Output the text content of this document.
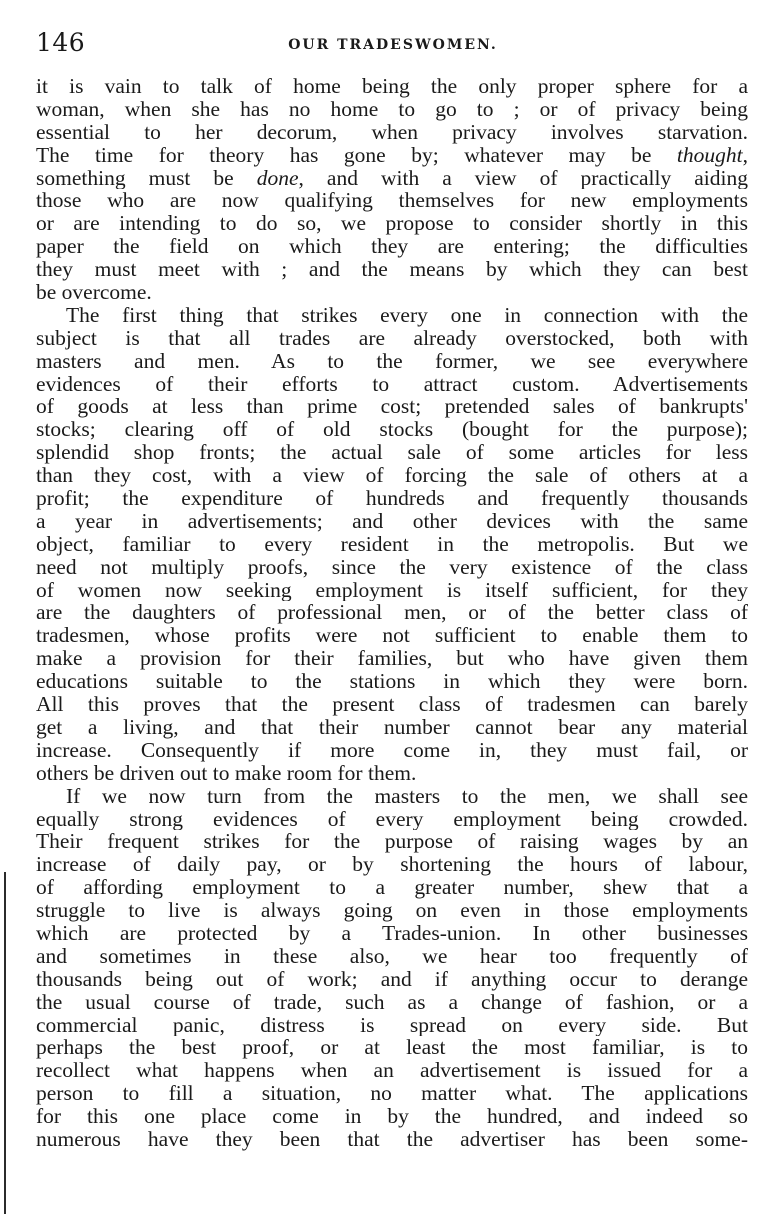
146	OUR TRADESWOMEN.
it is vain to talk of home being the only proper sphere for a
woman, when she has no home to go to ; or of privacy being
essential to her decorum, when privacy involves starvation.
The time for theory has gone by; whatever may be thought,
something must be done, and with a view of practically aiding
those who are now qualifying themselves for new employments
or are intending to do so, we propose to consider shortly in this
paper the field on which they are entering; the difficulties
they must meet with ; and the means by which they can best
be overcome.
The first thing that strikes every one in connection with the
subject is that all trades are already overstocked, both with
masters and men. As to the former, we see everywhere
evidences of their efforts to attract custom. Advertisements
of goods at less than prime cost; pretended sales of bankrupts'
stocks; clearing off of old stocks (bought for the purpose);
splendid shop fronts; the actual sale of some articles for less
than they cost, with a view of forcing the sale of others at a
profit; the expenditure of hundreds and frequently thousands
a year in advertisements; and other devices with the same
object, familiar to every resident in the metropolis. But we
need not multiply proofs, since the very existence of the class
of women now seeking employment is itself sufficient, for they
are the daughters of professional men, or of the better class of
tradesmen, whose profits were not sufficient to enable them to
make a provision for their families, but who have given them
educations suitable to the stations in which they were born.
All this proves that the present class of tradesmen can barely
get a living, and that their number cannot bear any material
increase. Consequently if more come in, they must fail, or
others be driven out to make room for them.
If we now turn from the masters to the men, we shall see
equally strong evidences of every employment being crowded.
Their frequent strikes for the purpose of raising wages by an
increase of daily pay, or by shortening the hours of labour,
of affording employment to a greater number, shew that a
struggle to live is always going on even in those employments
which are protected by a Trades-union. In other businesses
and sometimes in these also, we hear too frequently of
thousands being out of work; and if anything occur to derange
the usual course of trade, such as a change of fashion, or a
commercial panic, distress is spread on every side. But
perhaps the best proof, or at least the most familiar, is to
recollect what happens when an advertisement is issued for a
person to fill a situation, no matter what. The applications
for this one place come in by the hundred, and indeed so
numerous have they been that the advertiser has been some-
